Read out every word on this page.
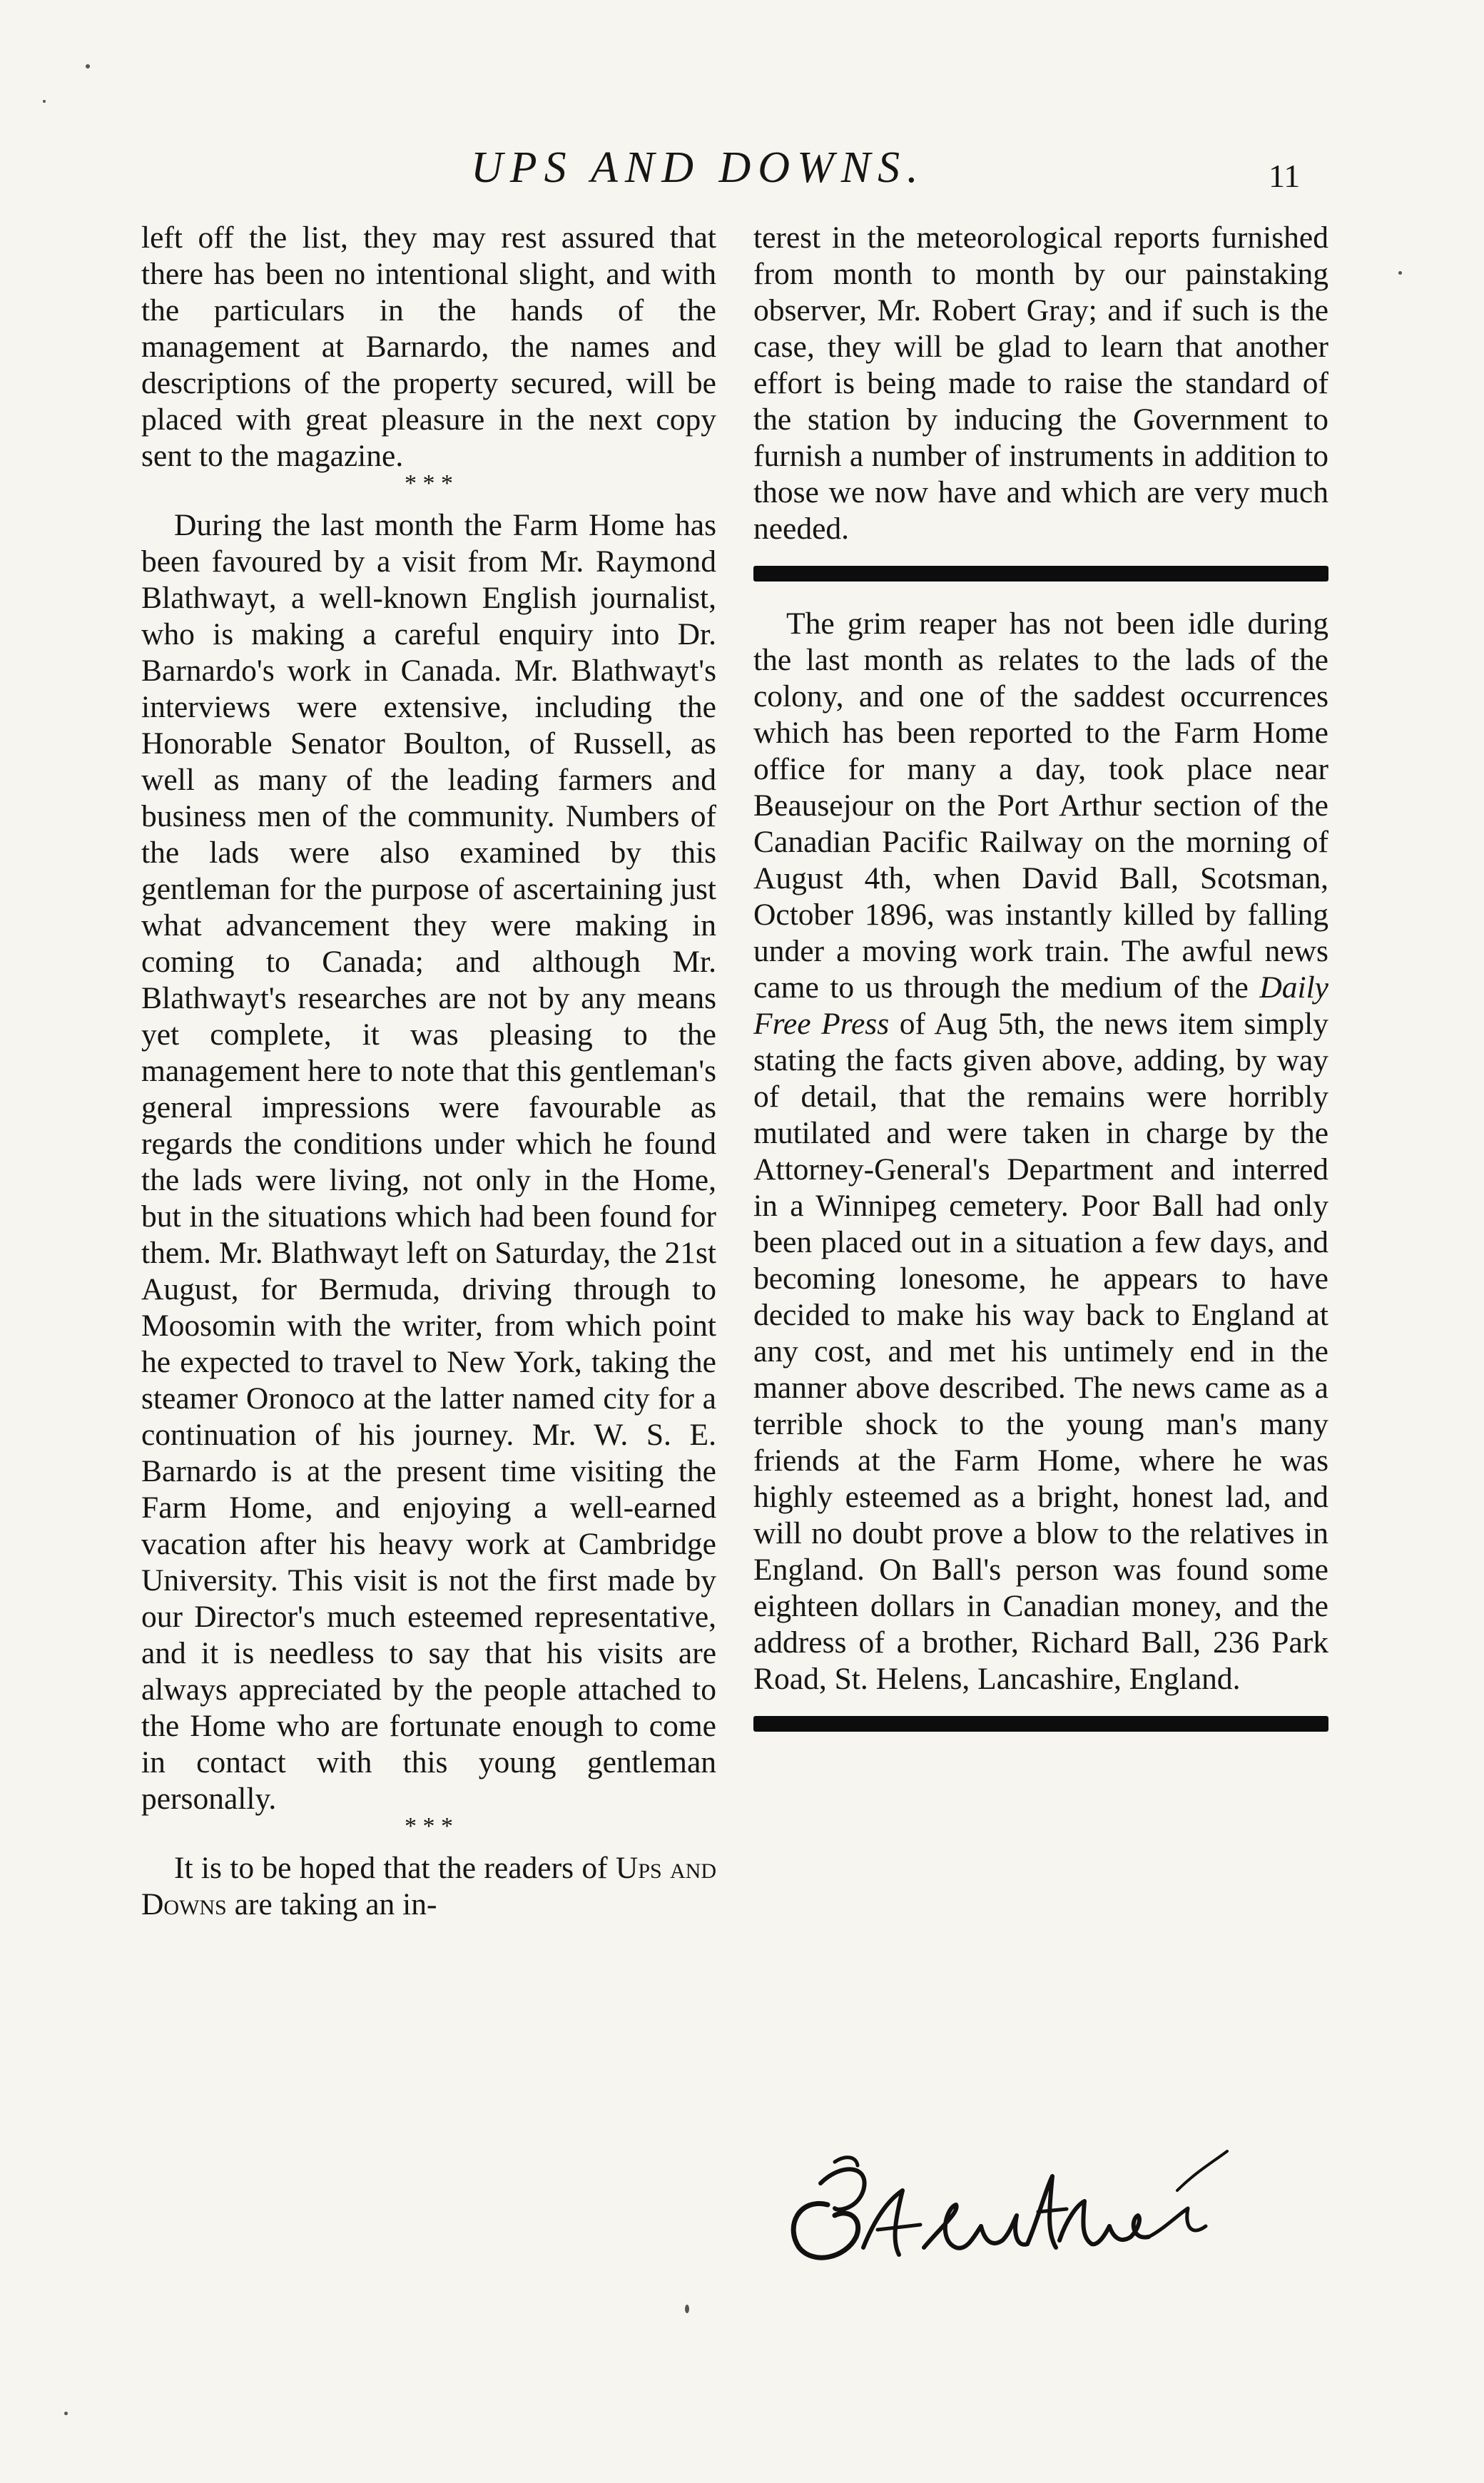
UPS AND DOWNS.	11

left off the list, they may rest assured that there has been no intentional slight, and with the particulars in the hands of the management at Barnardo, the names and descriptions of the property secured, will be placed with great pleasure in the next copy sent to the magazine.

* * *

During the last month the Farm Home has been favoured by a visit from Mr. Raymond Blathwayt, a well-known English journalist, who is making a careful enquiry into Dr. Barnardo's work in Canada. Mr. Blathwayt's interviews were extensive, including the Honorable Senator Boulton, of Russell, as well as many of the leading farmers and business men of the community. Numbers of the lads were also examined by this gentleman for the purpose of ascertaining just what advancement they were making in coming to Canada; and although Mr. Blathwayt's researches are not by any means yet complete, it was pleasing to the management here to note that this gentleman's general impressions were favourable as regards the conditions under which he found the lads were living, not only in the Home, but in the situations which had been found for them. Mr. Blathwayt left on Saturday, the 21st August, for Bermuda, driving through to Moosomin with the writer, from which point he expected to travel to New York, taking the steamer Oronoco at the latter named city for a continuation of his journey. Mr. W. S. E. Barnardo is at the present time visiting the Farm Home, and enjoying a well-earned vacation after his heavy work at Cambridge University. This visit is not the first made by our Director's much esteemed representative, and it is needless to say that his visits are always appreciated by the people attached to the Home who are fortunate enough to come in contact with this young gentleman personally.

* * *

It is to be hoped that the readers of Ups and Downs are taking an in-

terest in the meteorological reports furnished from month to month by our painstaking observer, Mr. Robert Gray; and if such is the case, they will be glad to learn that another effort is being made to raise the standard of the station by inducing the Government to furnish a number of instruments in addition to those we now have and which are very much needed.

The grim reaper has not been idle during the last month as relates to the lads of the colony, and one of the saddest occurrences which has been reported to the Farm Home office for many a day, took place near Beausejour on the Port Arthur section of the Canadian Pacific Railway on the morning of August 4th, when David Ball, Scotsman, October 1896, was instantly killed by falling under a moving work train. The awful news came to us through the medium of the Daily Free Press of Aug 5th, the news item simply stating the facts given above, adding, by way of detail, that the remains were horribly mutilated and were taken in charge by the Attorney-General's Department and interred in a Winnipeg cemetery. Poor Ball had only been placed out in a situation a few days, and becoming lonesome, he appears to have decided to make his way back to England at any cost, and met his untimely end in the manner above described. The news came as a terrible shock to the young man's many friends at the Farm Home, where he was highly esteemed as a bright, honest lad, and will no doubt prove a blow to the relatives in England. On Ball's person was found some eighteen dollars in Canadian money, and the address of a brother, Richard Ball, 236 Park Road, St. Helens, Lancashire, England.
